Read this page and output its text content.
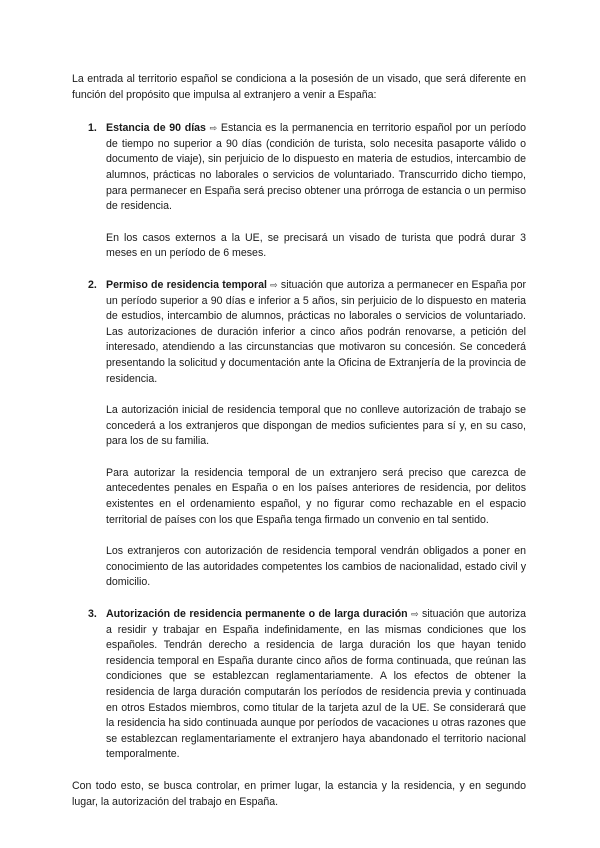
La entrada al territorio español se condiciona a la posesión de un visado, que será diferente en función del propósito que impulsa al extranjero a venir a España:

1. Estancia de 90 días ⇨ Estancia es la permanencia en territorio español por un período de tiempo no superior a 90 días (condición de turista, solo necesita pasaporte válido o documento de viaje), sin perjuicio de lo dispuesto en materia de estudios, intercambio de alumnos, prácticas no laborales o servicios de voluntariado. Transcurrido dicho tiempo, para permanecer en España será preciso obtener una prórroga de estancia o un permiso de residencia.

En los casos externos a la UE, se precisará un visado de turista que podrá durar 3 meses en un período de 6 meses.

2. Permiso de residencia temporal ⇨ situación que autoriza a permanecer en España por un período superior a 90 días e inferior a 5 años, sin perjuicio de lo dispuesto en materia de estudios, intercambio de alumnos, prácticas no laborales o servicios de voluntariado. Las autorizaciones de duración inferior a cinco años podrán renovarse, a petición del interesado, atendiendo a las circunstancias que motivaron su concesión. Se concederá presentando la solicitud y documentación ante la Oficina de Extranjería de la provincia de residencia.

La autorización inicial de residencia temporal que no conlleve autorización de trabajo se concederá a los extranjeros que dispongan de medios suficientes para sí y, en su caso, para los de su familia.

Para autorizar la residencia temporal de un extranjero será preciso que carezca de antecedentes penales en España o en los países anteriores de residencia, por delitos existentes en el ordenamiento español, y no figurar como rechazable en el espacio territorial de países con los que España tenga firmado un convenio en tal sentido.

Los extranjeros con autorización de residencia temporal vendrán obligados a poner en conocimiento de las autoridades competentes los cambios de nacionalidad, estado civil y domicilio.

3. Autorización de residencia permanente o de larga duración ⇨ situación que autoriza a residir y trabajar en España indefinidamente, en las mismas condiciones que los españoles. Tendrán derecho a residencia de larga duración los que hayan tenido residencia temporal en España durante cinco años de forma continuada, que reúnan las condiciones que se establezcan reglamentariamente. A los efectos de obtener la residencia de larga duración computarán los períodos de residencia previa y continuada en otros Estados miembros, como titular de la tarjeta azul de la UE. Se considerará que la residencia ha sido continuada aunque por períodos de vacaciones u otras razones que se establezcan reglamentariamente el extranjero haya abandonado el territorio nacional temporalmente.

Con todo esto, se busca controlar, en primer lugar, la estancia y la residencia, y en segundo lugar, la autorización del trabajo en España.
